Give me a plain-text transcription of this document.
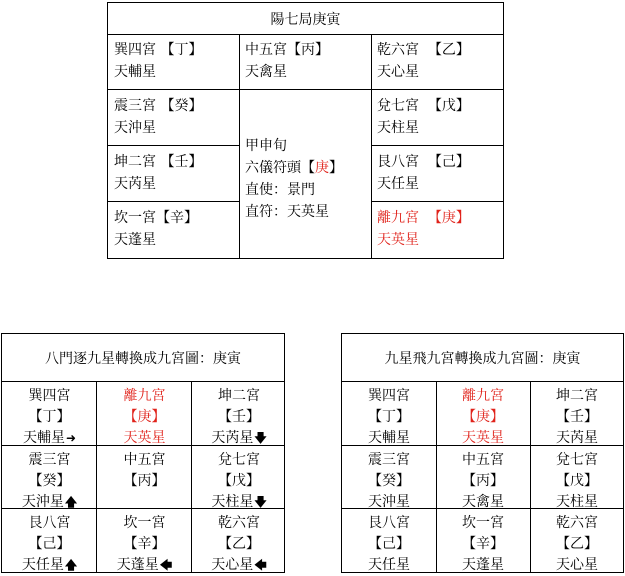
陽七局庚寅
巽四宮 【丁】
天輔星
震三宮 【癸】
天沖星
坤二宮 【壬】
天芮星
坎一宮【辛】
天蓬星
中五宮【丙】
天禽星
甲申旬
六儀符頭【庚】
直使：景門
直符：天英星
乾六宮 【乙】
天心星
兌七宮 【戊】
天柱星
艮八宮 【己】
天任星
離九宮 【庚】
天英星
八門逐九星轉換成九宮圖：庚寅
巽四宮
【丁】
天輔星➜
離九宮
【庚】
天英星
坤二宮
【壬】
天芮星🡇
震三宮
【癸】
天沖星🡅
中五宮
【丙】
兌七宮
【戊】
天柱星🡇
艮八宮
【己】
天任星🡅
坎一宮
【辛】
天蓬星🡄
乾六宮
【乙】
天心星🡄
九星飛九宮轉換成九宮圖：庚寅
巽四宮
【丁】
天輔星
離九宮
【庚】
天英星
坤二宮
【壬】
天芮星
震三宮
【癸】
天沖星
中五宮
【丙】
天禽星
兌七宮
【戊】
天柱星
艮八宮
【己】
天任星
坎一宮
【辛】
天蓬星
乾六宮
【乙】
天心星
